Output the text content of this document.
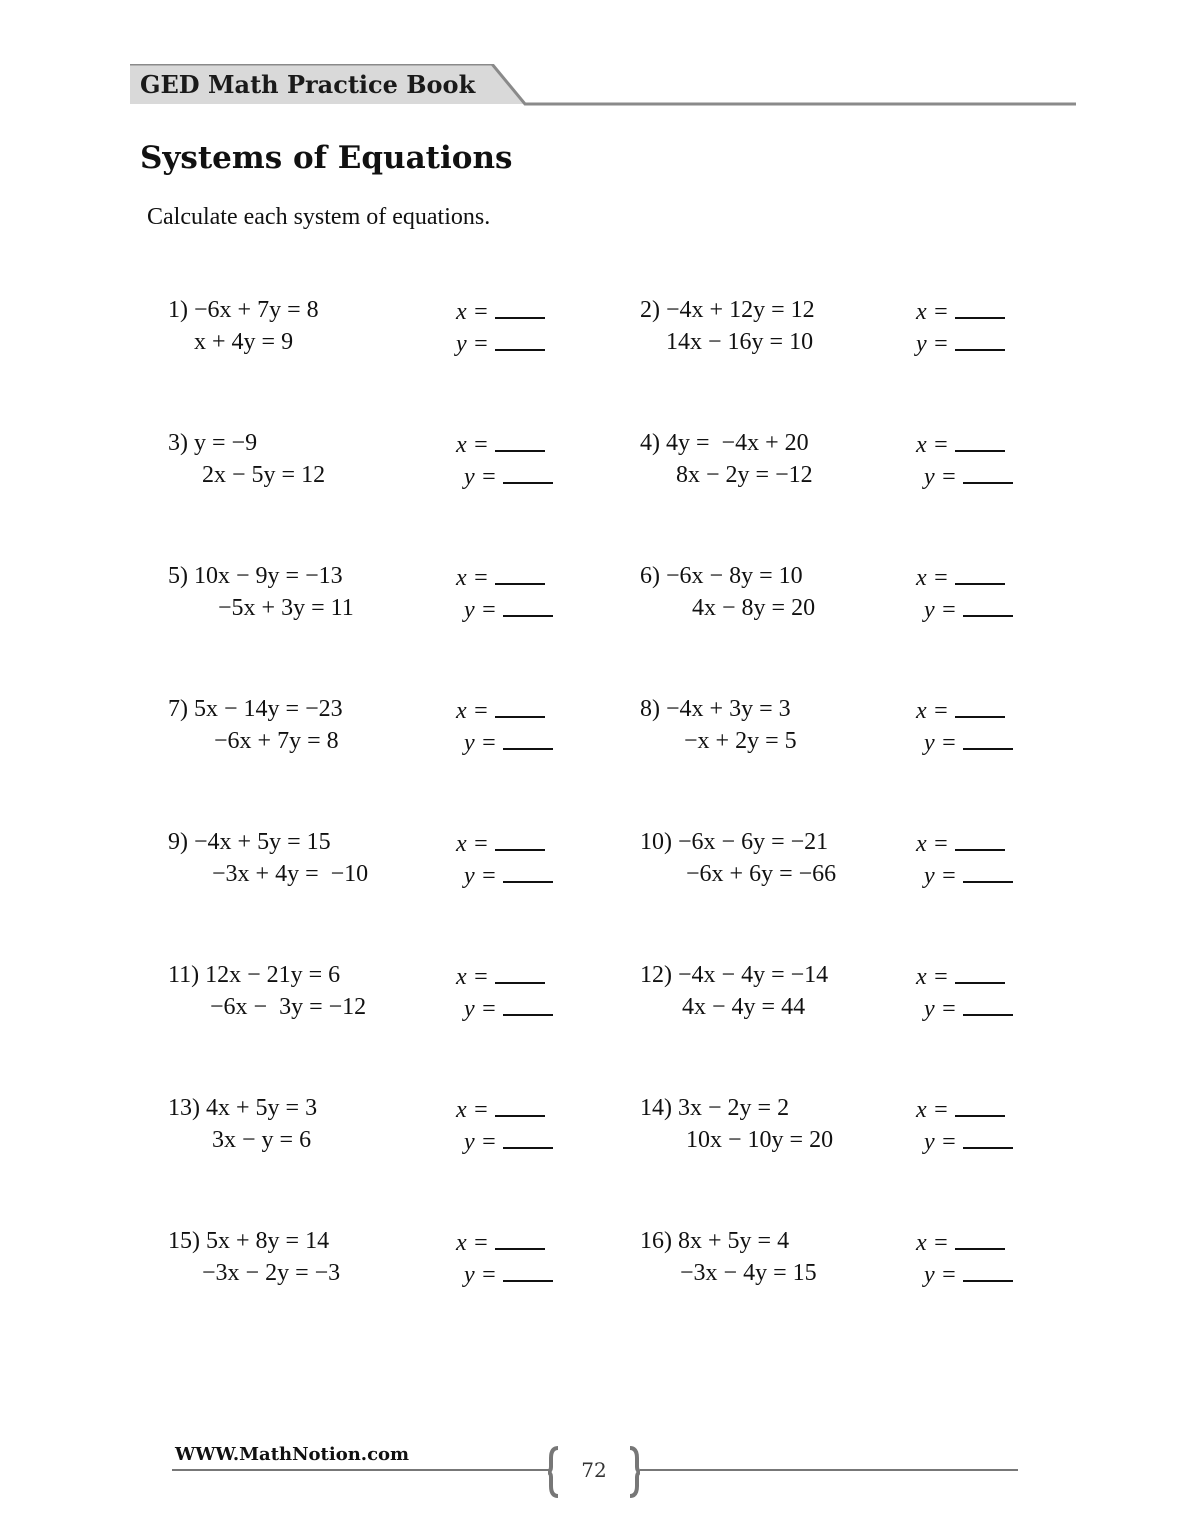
GED Math Practice Book
Systems of Equations
Calculate each system of equations.
1) −6x + 7y = 8
x + 4y = 9
x =
y =
2) −4x + 12y = 12
14x − 16y = 10
x =
y =
3) y = −9
2x − 5y = 12
x =
y =
4) 4y =  −4x + 20
8x − 2y = −12
x =
y =
5) 10x − 9y = −13
−5x + 3y = 11
x =
y =
6) −6x − 8y = 10
4x − 8y = 20
x =
y =
7) 5x − 14y = −23
−6x + 7y = 8
x =
y =
8) −4x + 3y = 3
−x + 2y = 5
x =
y =
9) −4x + 5y = 15
−3x + 4y =  −10
x =
y =
10) −6x − 6y = −21
−6x + 6y = −66
x =
y =
11) 12x − 21y = 6
−6x −  3y = −12
x =
y =
12) −4x − 4y = −14
4x − 4y = 44
x =
y =
13) 4x + 5y = 3
3x − y = 6
x =
y =
14) 3x − 2y = 2
10x − 10y = 20
x =
y =
15) 5x + 8y = 14
−3x − 2y = −3
x =
y =
16) 8x + 5y = 4
−3x − 4y = 15
x =
y =
WWW.MathNotion.com
72
